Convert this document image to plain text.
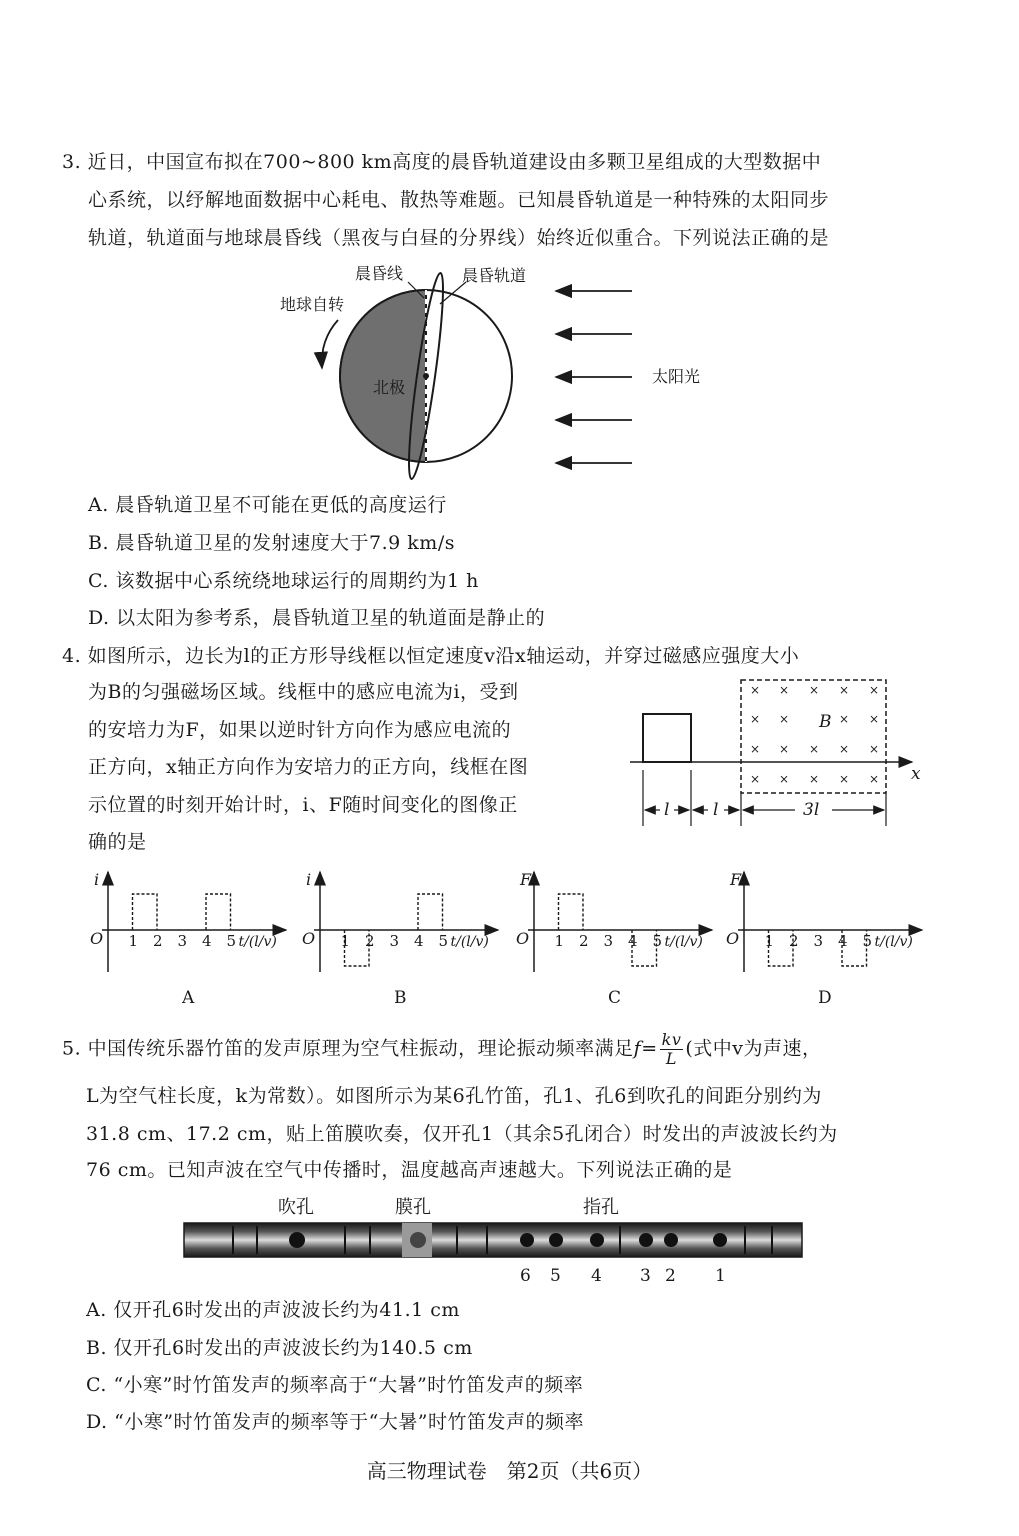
3. 近日，中国宣布拟在700~800 km高度的晨昏轨道建设由多颗卫星组成的大型数据中
心系统，以纾解地面数据中心耗电、散热等难题。已知晨昏轨道是一种特殊的太阳同步
轨道，轨道面与地球晨昏线（黑夜与白昼的分界线）始终近似重合。下列说法正确的是
晨昏线	晨昏轨道
地球自转
北极
太阳光
A. 晨昏轨道卫星不可能在更低的高度运行
B. 晨昏轨道卫星的发射速度大于7.9 km/s
C. 该数据中心系统绕地球运行的周期约为1 h
D. 以太阳为参考系，晨昏轨道卫星的轨道面是静止的
4. 如图所示，边长为l的正方形导线框以恒定速度v沿x轴运动，并穿过磁感应强度大小
为B的匀强磁场区域。线框中的感应电流为i，受到
的安培力为F，如果以逆时针方向作为感应电流的
正方向，x轴正方向作为安培力的正方向，线框在图
示位置的时刻开始计时，i、F随时间变化的图像正
确的是
× × × × ×
× ×	× ×
× × × × ×
× × × × ×
B
x
l	l	3l
i
O 1 2 3 4 5 t/(l/v)
A
i
O 1 2 3 4 5 t/(l/v)
B
F
O 1 2 3 4 5 t/(l/v)
C
F
O 1 2 3 4 5 t/(l/v)
D
5. 中国传统乐器竹笛的发声原理为空气柱振动，理论振动频率满足$f= \frac{kv}{L}$ (式中v为声速，
L为空气柱长度，k为常数）。如图所示为某6孔竹笛，孔1、孔6到吹孔的间距分别约为
31.8 cm、17.2 cm，贴上笛膜吹奏，仅开孔1（其余5孔闭合）时发出的声波波长约为
76 cm。已知声波在空气中传播时，温度越高声速越大。下列说法正确的是
吹孔	膜孔	指孔
6 5 4 3 2 1
A. 仅开孔6时发出的声波波长约为41.1 cm
B. 仅开孔6时发出的声波波长约为140.5 cm
C. “小寒”时竹笛发声的频率高于“大暑”时竹笛发声的频率
D. “小寒”时竹笛发声的频率等于“大暑”时竹笛发声的频率
高三物理试卷　第2页（共6页）
